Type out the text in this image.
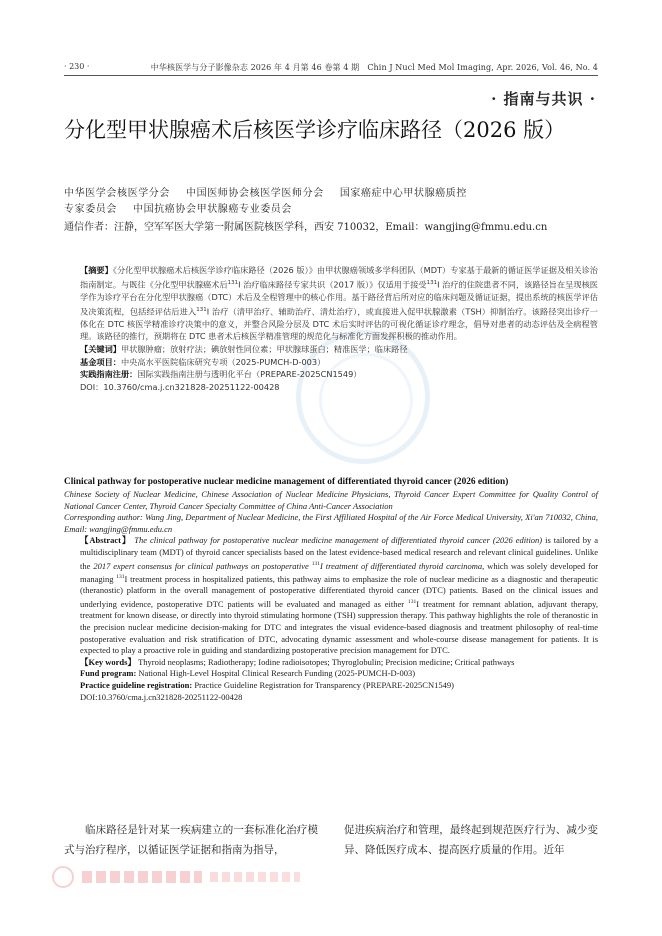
· 230 ·	中华核医学与分子影像杂志 2026 年 4 月第 46 卷第 4 期　Chin J Nucl Med Mol Imaging, Apr. 2026, Vol. 46, No. 4
· 指南与共识 ·
分化型甲状腺癌术后核医学诊疗临床路径（2026 版）
中华医学会核医学分会 中国医师协会核医学医师分会 国家癌症中心甲状腺癌质控
专家委员会 中国抗癌协会甲状腺癌专业委员会
通信作者：汪静，空军军医大学第一附属医院核医学科，西安 710032，Email：wangjing@fmmu.edu.cn
【摘要】《分化型甲状腺癌术后核医学诊疗临床路径（2026 版）》由甲状腺癌领域多学科团队（MDT）专家基于最新的循证医学证据及相关诊治指南制定。与既往《分化型甲状腺癌术后$^{131}$I 治疗临床路径专家共识（2017 版）》仅适用于接受$^{131}$I 治疗的住院患者不同，该路径旨在呈现核医学作为诊疗平台在分化型甲状腺癌（DTC）术后及全程管理中的核心作用。基于路径背后所对应的临床问题及循证证据，提出系统的核医学评估及决策流程，包括经评估后进入$^{131}$I 治疗（清甲治疗、辅助治疗、清灶治疗），或直接进入促甲状腺激素（TSH）抑制治疗。该路径突出诊疗一体化在 DTC 核医学精准诊疗决策中的意义，并整合风险分层及 DTC 术后实时评估的可视化循证诊疗理念，倡导对患者的动态评估及全病程管理。该路径的推行，预期将在 DTC 患者术后核医学精准管理的规范化与标准化方面发挥积极的推动作用。
【关键词】甲状腺肿瘤；放射疗法；碘放射性同位素；甲状腺球蛋白；精准医学；临床路径
基金项目：中央高水平医院临床研究专项（2025-PUMCH-D-003）
实践指南注册：国际实践指南注册与透明化平台（PREPARE-2025CN1549）
DOI：10.3760/cma.j.cn321828-20251122-00428
Clinical pathway for postoperative nuclear medicine management of differentiated thyroid cancer (2026 edition)
Chinese Society of Nuclear Medicine, Chinese Association of Nuclear Medicine Physicians, Thyroid Cancer Expert Committee for Quality Control of National Cancer Center, Thyroid Cancer Specialty Committee of China Anti-Cancer Association
Corresponding author: Wang Jing, Department of Nuclear Medicine, the First Affiliated Hospital of the Air Force Medical University, Xi'an 710032, China, Email: wangjing@fmmu.edu.cn
【Abstract】 The clinical pathway for postoperative nuclear medicine management of differentiated thyroid cancer (2026 edition) is tailored by a multidisciplinary team (MDT) of thyroid cancer specialists based on the latest evidence-based medical research and relevant clinical guidelines. Unlike the 2017 expert consensus for clinical pathways on postoperative $^{131}$I treatment of differentiated thyroid carcinoma, which was solely developed for managing $^{131}$I treatment process in hospitalized patients, this pathway aims to emphasize the role of nuclear medicine as a diagnostic and therapeutic (theranostic) platform in the overall management of postoperative differentiated thyroid cancer (DTC) patients. Based on the clinical issues and underlying evidence, postoperative DTC patients will be evaluated and managed as either $^{131}$I treatment for remnant ablation, adjuvant therapy, treatment for known disease, or directly into thyroid stimulating hormone (TSH) suppression therapy. This pathway highlights the role of theranostic in the precision nuclear medicine decision-making for DTC and integrates the visual evidence-based diagnosis and treatment philosophy of real-time postoperative evaluation and risk stratification of DTC, advocating dynamic assessment and whole-course disease management for patients. It is expected to play a proactive role in guiding and standardizing postoperative precision management for DTC.
【Key words】 Thyroid neoplasms; Radiotherapy; Iodine radioisotopes; Thyroglobulin; Precision medicine; Critical pathways
Fund program: National High-Level Hospital Clinical Research Funding (2025-PUMCH-D-003)
Practice guideline registration: Practice Guideline Registration for Transparency (PREPARE-2025CN1549)
DOI:10.3760/cma.j.cn321828-20251122-00428
临床路径是针对某一疾病建立的一套标准化治疗模式与治疗程序，以循证医学证据和指南为指导，
促进疾病治疗和管理，最终起到规范医疗行为、减少变异、降低医疗成本、提高医疗质量的作用。近年
